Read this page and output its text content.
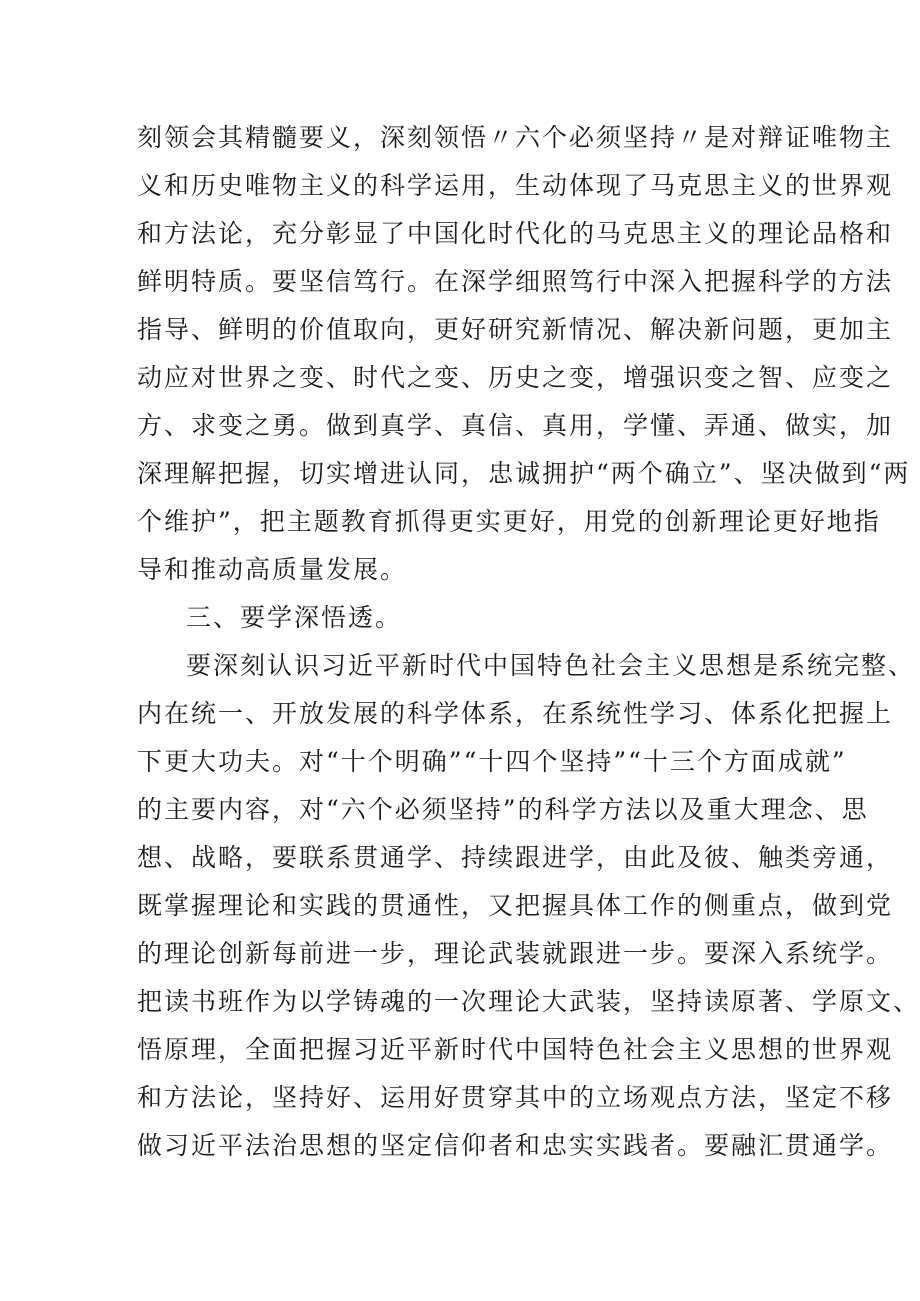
刻领会其精髓要义，深刻领悟〃六个必须坚持〃是对辩证唯物主
义和历史唯物主义的科学运用，生动体现了马克思主义的世界观
和方法论，充分彰显了中国化时代化的马克思主义的理论品格和
鲜明特质。要坚信笃行。在深学细照笃行中深入把握科学的方法
指导、鲜明的价值取向，更好研究新情况、解决新问题，更加主
动应对世界之变、时代之变、历史之变，增强识变之智、应变之
方、求变之勇。做到真学、真信、真用，学懂、弄通、做实，加
深理解把握，切实增进认同，忠诚拥护“两个确立”、坚决做到“两
个维护”，把主题教育抓得更实更好，用党的创新理论更好地指
导和推动高质量发展。
三、要学深悟透。
要深刻认识习近平新时代中国特色社会主义思想是系统完整、
内在统一、开放发展的科学体系，在系统性学习、体系化把握上
下更大功夫。对“十个明确”“十四个坚持”“十三个方面成就”
的主要内容，对“六个必须坚持”的科学方法以及重大理念、思
想、战略，要联系贯通学、持续跟进学，由此及彼、触类旁通，
既掌握理论和实践的贯通性，又把握具体工作的侧重点，做到党
的理论创新每前进一步，理论武装就跟进一步。要深入系统学。
把读书班作为以学铸魂的一次理论大武装，坚持读原著、学原文、
悟原理，全面把握习近平新时代中国特色社会主义思想的世界观
和方法论，坚持好、运用好贯穿其中的立场观点方法，坚定不移
做习近平法治思想的坚定信仰者和忠实实践者。要融汇贯通学。
